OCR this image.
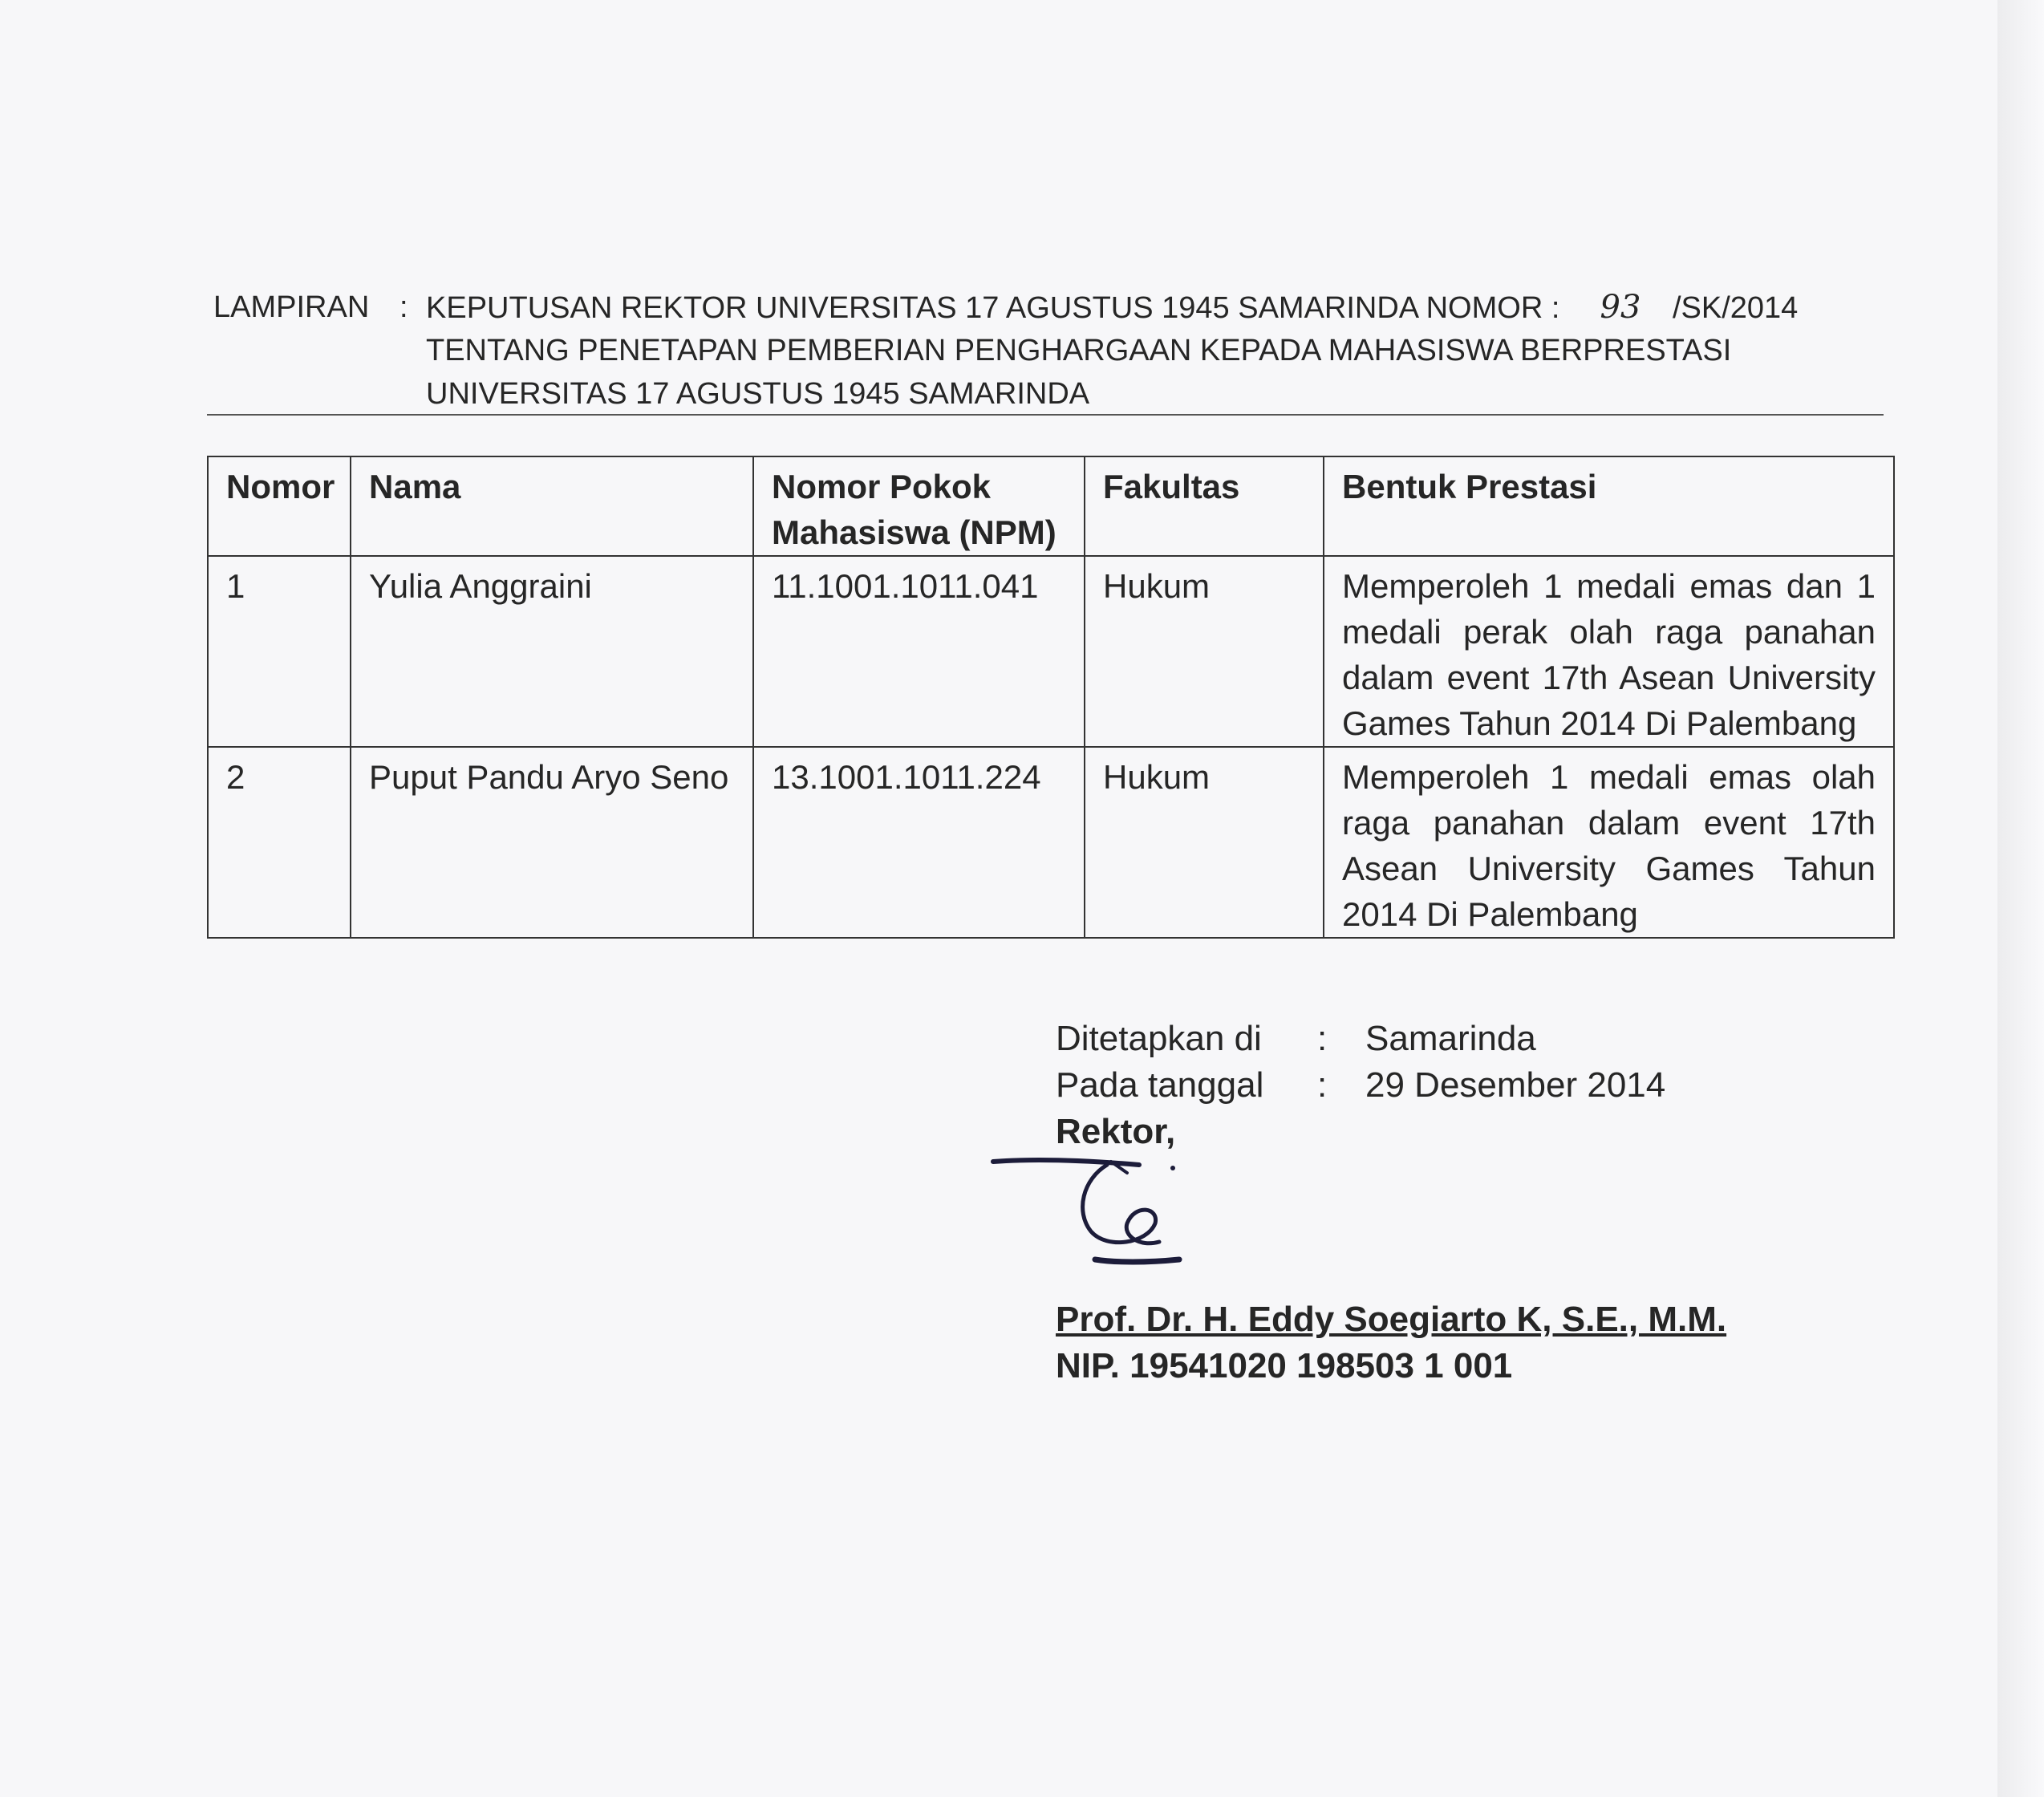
LAMPIRAN : KEPUTUSAN REKTOR UNIVERSITAS 17 AGUSTUS 1945 SAMARINDA NOMOR : 93 /SK/2014
TENTANG PENETAPAN PEMBERIAN PENGHARGAAN KEPADA MAHASISWA BERPRESTASI
UNIVERSITAS 17 AGUSTUS 1945 SAMARINDA
Nomor	Nama	Nomor Pokok Mahasiswa (NPM)	Fakultas	Bentuk Prestasi
1	Yulia Anggraini	11.1001.1011.041	Hukum	Memperoleh 1 medali emas dan 1 medali perak olah raga panahan dalam event 17th Asean University Games Tahun 2014 Di Palembang
2	Puput Pandu Aryo Seno	13.1001.1011.224	Hukum	Memperoleh 1 medali emas olah raga panahan dalam event 17th Asean University Games Tahun 2014 Di Palembang
Ditetapkan di : Samarinda
Pada tanggal : 29 Desember 2014
Rektor,
Prof. Dr. H. Eddy Soegiarto K, S.E., M.M.
NIP. 19541020 198503 1 001
